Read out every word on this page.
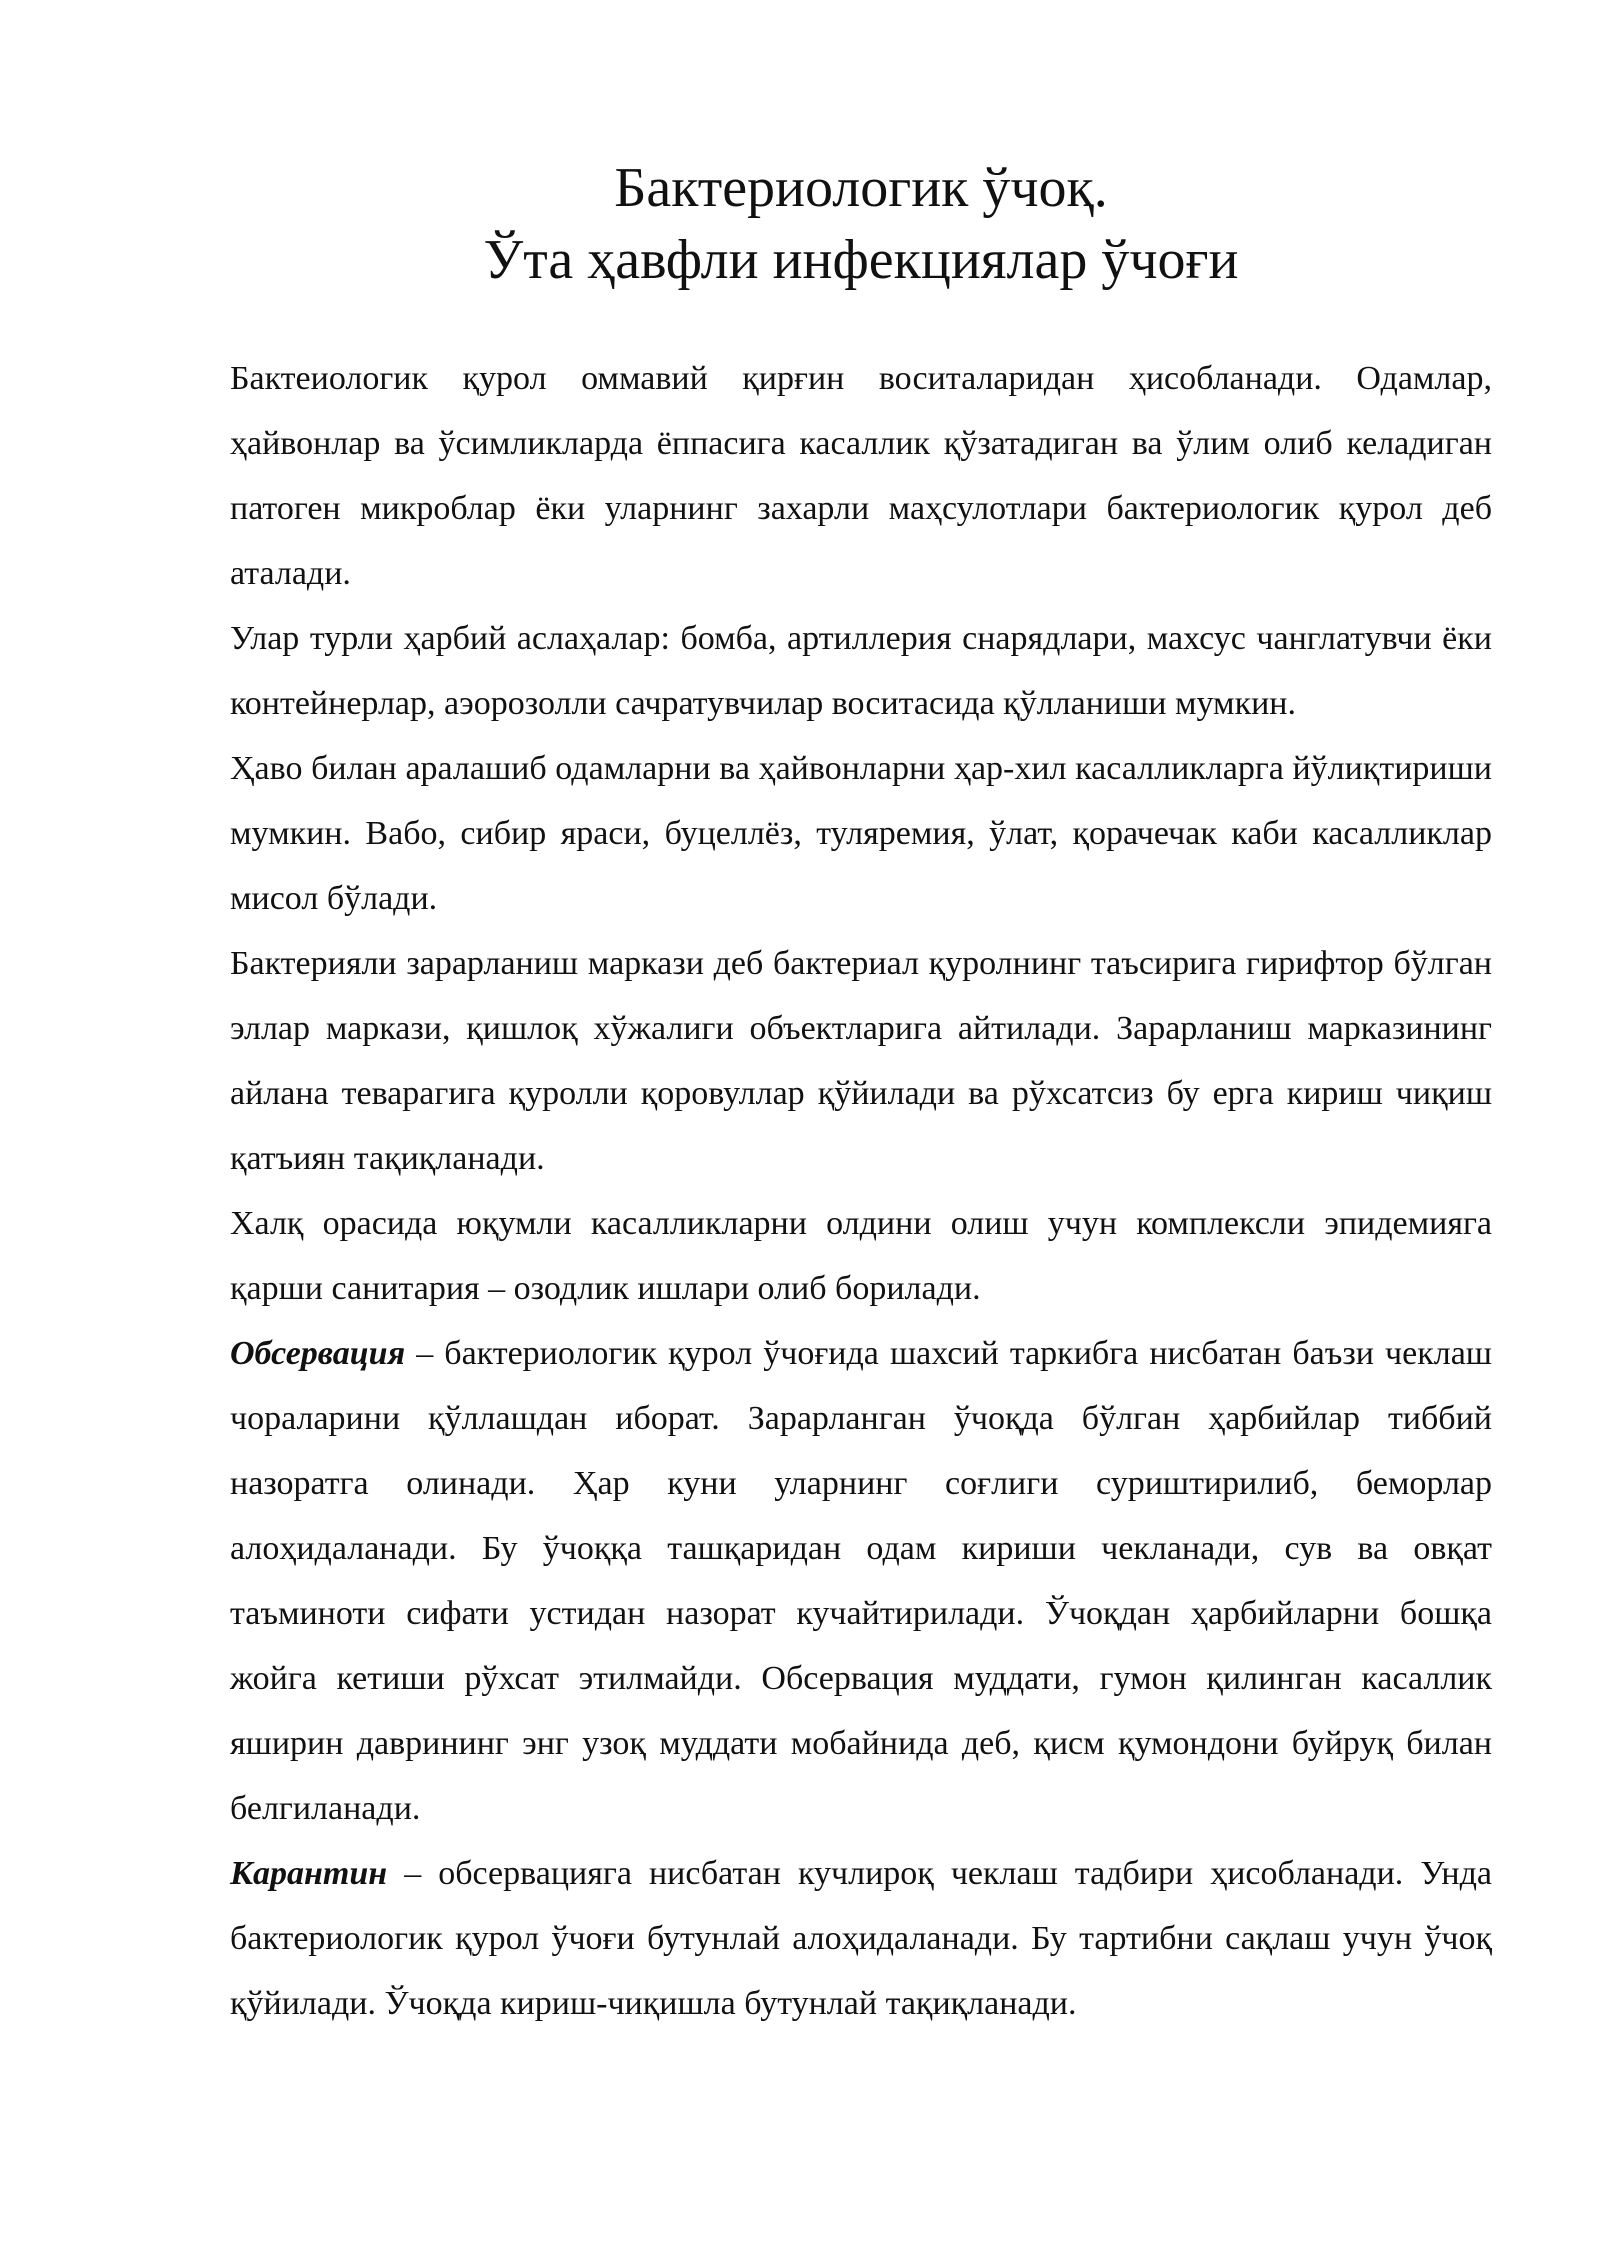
Бактериологик ўчоқ.
Ўта ҳавфли инфекциялар ўчоғи

Бактеиологик қурол оммавий қирғин воситаларидан ҳисобланади. Одамлар, ҳайвонлар ва ўсимликларда ёппасига касаллик қўзатадиган ва ўлим олиб келадиган патоген микроблар ёки уларнинг захарли маҳсулотлари бактериологик қурол деб аталади.

Улар турли ҳарбий аслаҳалар: бомба, артиллерия снарядлари, махсус чанглатувчи ёки контейнерлар, аэорозолли сачратувчилар воситасида қўлланиши мумкин.

Ҳаво билан аралашиб одамларни ва ҳайвонларни ҳар-хил касалликларга йўлиқтириши мумкин. Вабо, сибир яраси, буцеллёз, туляремия, ўлат, қорачечак каби касалликлар мисол бўлади.

Бактерияли зарарланиш маркази деб бактериал қуролнинг таъсирига гирифтор бўлган эллар маркази, қишлоқ хўжалиги объектларига айтилади. Зарарланиш марказининг айлана теварагига қуролли қоровуллар қўйилади ва рўхсатсиз бу ерга кириш чиқиш қатъиян тақиқланади.

Халқ орасида юқумли касалликларни олдини олиш учун комплексли эпидемияга қарши санитария – озодлик ишлари олиб борилади.

Обсервация – бактериологик қурол ўчоғида шахсий таркибга нисбатан баъзи чеклаш чораларини қўллашдан иборат. Зарарланган ўчоқда бўлган ҳарбийлар тиббий назоратга олинади. Ҳар куни уларнинг соғлиги суриштирилиб, беморлар алоҳидаланади. Бу ўчоққа ташқаридан одам кириши чекланади, сув ва овқат таъминоти сифати устидан назорат кучайтирилади. Ўчоқдан ҳарбийларни бошқа жойга кетиши рўхсат этилмайди. Обсервация муддати, гумон қилинган касаллик яширин даврининг энг узоқ муддати мобайнида деб, қисм қумондони буйруқ билан белгиланади.

Карантин – обсервацияга нисбатан кучлироқ чеклаш тадбири ҳисобланади. Унда бактериологик қурол ўчоғи бутунлай алоҳидаланади. Бу тартибни сақлаш учун ўчоқ қўйилади. Ўчоқда кириш-чиқишла бутунлай тақиқланади.
